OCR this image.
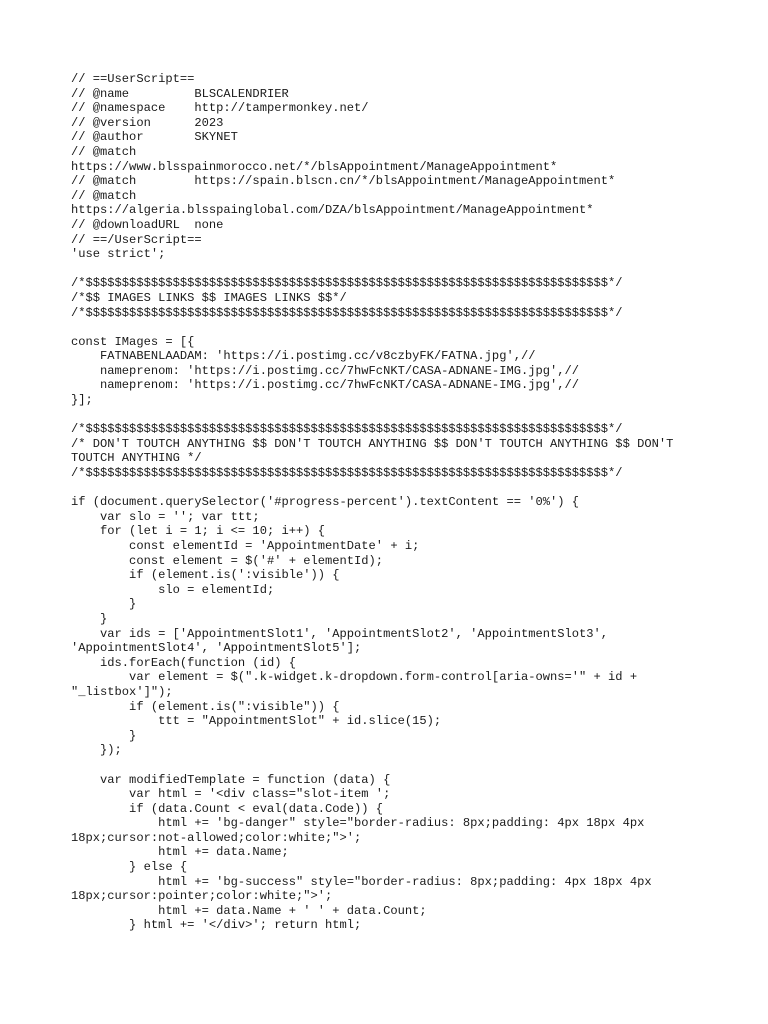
// ==UserScript==
// @name         BLSCALENDRIER
// @namespace    http://tampermonkey.net/
// @version      2023
// @author       SKYNET
// @match
https://www.blsspainmorocco.net/*/blsAppointment/ManageAppointment*
// @match        https://spain.blscn.cn/*/blsAppointment/ManageAppointment*
// @match
https://algeria.blsspainglobal.com/DZA/blsAppointment/ManageAppointment*
// @downloadURL  none
// ==/UserScript==
'use strict';

/*$$$$$$$$$$$$$$$$$$$$$$$$$$$$$$$$$$$$$$$$$$$$$$$$$$$$$$$$$$$$$$$$$$$$$$$$*/
/*$$ IMAGES LINKS $$ IMAGES LINKS $$*/
/*$$$$$$$$$$$$$$$$$$$$$$$$$$$$$$$$$$$$$$$$$$$$$$$$$$$$$$$$$$$$$$$$$$$$$$$$*/

const IMages = [{
FATNABENLAADAM: 'https://i.postimg.cc/v8czbyFK/FATNA.jpg',//
nameprenom: 'https://i.postimg.cc/7hwFcNKT/CASA-ADNANE-IMG.jpg',//
nameprenom: 'https://i.postimg.cc/7hwFcNKT/CASA-ADNANE-IMG.jpg',//
}];

/*$$$$$$$$$$$$$$$$$$$$$$$$$$$$$$$$$$$$$$$$$$$$$$$$$$$$$$$$$$$$$$$$$$$$$$$$*/
/* DON'T TOUTCH ANYTHING $$ DON'T TOUTCH ANYTHING $$ DON'T TOUTCH ANYTHING $$ DON'T
TOUTCH ANYTHING */
/*$$$$$$$$$$$$$$$$$$$$$$$$$$$$$$$$$$$$$$$$$$$$$$$$$$$$$$$$$$$$$$$$$$$$$$$$*/

if (document.querySelector('#progress-percent').textContent == '0%') {
var slo = ''; var ttt;
for (let i = 1; i <= 10; i++) {
const elementId = 'AppointmentDate' + i;
const element = $('#' + elementId);
if (element.is(':visible')) {
slo = elementId;
}
}
var ids = ['AppointmentSlot1', 'AppointmentSlot2', 'AppointmentSlot3',
'AppointmentSlot4', 'AppointmentSlot5'];
ids.forEach(function (id) {
var element = $(".k-widget.k-dropdown.form-control[aria-owns='" + id +
"_listbox']");
if (element.is(":visible")) {
ttt = "AppointmentSlot" + id.slice(15);
}
});

var modifiedTemplate = function (data) {
var html = '<div class="slot-item ';
if (data.Count < eval(data.Code)) {
html += 'bg-danger" style="border-radius: 8px;padding: 4px 18px 4px
18px;cursor:not-allowed;color:white;">';
html += data.Name;
} else {
html += 'bg-success" style="border-radius: 8px;padding: 4px 18px 4px
18px;cursor:pointer;color:white;">';
html += data.Name + ' ' + data.Count;
} html += '</div>'; return html;
